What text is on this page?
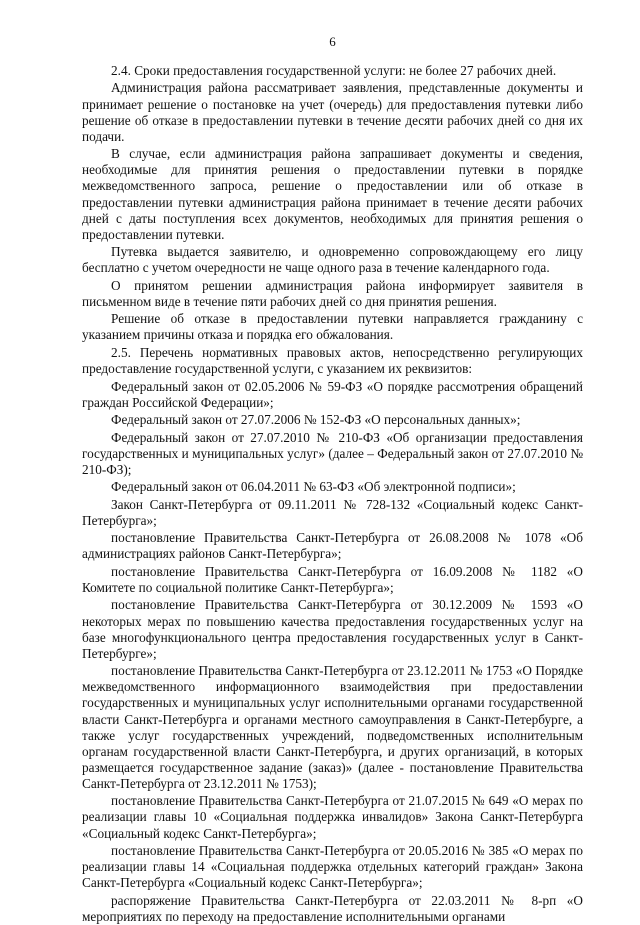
6

2.4. Сроки предоставления государственной услуги: не более 27 рабочих дней.

Администрация района рассматривает заявления, представленные документы и принимает решение о постановке на учет (очередь) для предоставления путевки либо решение об отказе в предоставлении путевки в течение десяти рабочих дней со дня их подачи.

В случае, если администрация района запрашивает документы и сведения, необходимые для принятия решения о предоставлении путевки в порядке межведомственного запроса, решение о предоставлении или об отказе в предоставлении путевки администрация района принимает в течение десяти рабочих дней с даты поступления всех документов, необходимых для принятия решения о предоставлении путевки.

Путевка выдается заявителю, и одновременно сопровождающему его лицу бесплатно с учетом очередности не чаще одного раза в течение календарного года.

О принятом решении администрация района информирует заявителя в письменном виде в течение пяти рабочих дней со дня принятия решения.

Решение об отказе в предоставлении путевки направляется гражданину с указанием причины отказа и порядка его обжалования.

2.5. Перечень нормативных правовых актов, непосредственно регулирующих предоставление государственной услуги, с указанием их реквизитов:

Федеральный закон от 02.05.2006 № 59-ФЗ «О порядке рассмотрения обращений граждан Российской Федерации»;

Федеральный закон от 27.07.2006 № 152-ФЗ «О персональных данных»;

Федеральный закон от 27.07.2010 № 210-ФЗ «Об организации предоставления государственных и муниципальных услуг» (далее – Федеральный закон от 27.07.2010 № 210-ФЗ);

Федеральный закон от 06.04.2011 № 63-ФЗ «Об электронной подписи»;

Закон Санкт-Петербурга от 09.11.2011 № 728-132 «Социальный кодекс Санкт-Петербурга»;

постановление Правительства Санкт-Петербурга от 26.08.2008 № 1078 «Об администрациях районов Санкт-Петербурга»;

постановление Правительства Санкт-Петербурга от 16.09.2008 № 1182 «О Комитете по социальной политике Санкт-Петербурга»;

постановление Правительства Санкт-Петербурга от 30.12.2009 № 1593 «О некоторых мерах по повышению качества предоставления государственных услуг на базе многофункционального центра предоставления государственных услуг в Санкт-Петербурге»;

постановление Правительства Санкт-Петербурга от 23.12.2011 № 1753 «О Порядке межведомственного информационного взаимодействия при предоставлении государственных и муниципальных услуг исполнительными органами государственной власти Санкт-Петербурга и органами местного самоуправления в Санкт-Петербурге, а также услуг государственных учреждений, подведомственных исполнительным органам государственной власти Санкт-Петербурга, и других организаций, в которых размещается государственное задание (заказ)» (далее - постановление Правительства Санкт-Петербурга от 23.12.2011 № 1753);

постановление Правительства Санкт-Петербурга от 21.07.2015 № 649 «О мерах по реализации главы 10 «Социальная поддержка инвалидов» Закона Санкт-Петербурга «Социальный кодекс Санкт-Петербурга»;

постановление Правительства Санкт-Петербурга от 20.05.2016 № 385 «О мерах по реализации главы 14 «Социальная поддержка отдельных категорий граждан» Закона Санкт-Петербурга «Социальный кодекс Санкт-Петербурга»;

распоряжение Правительства Санкт-Петербурга от 22.03.2011 № 8-рп «О мероприятиях по переходу на предоставление исполнительными органами
